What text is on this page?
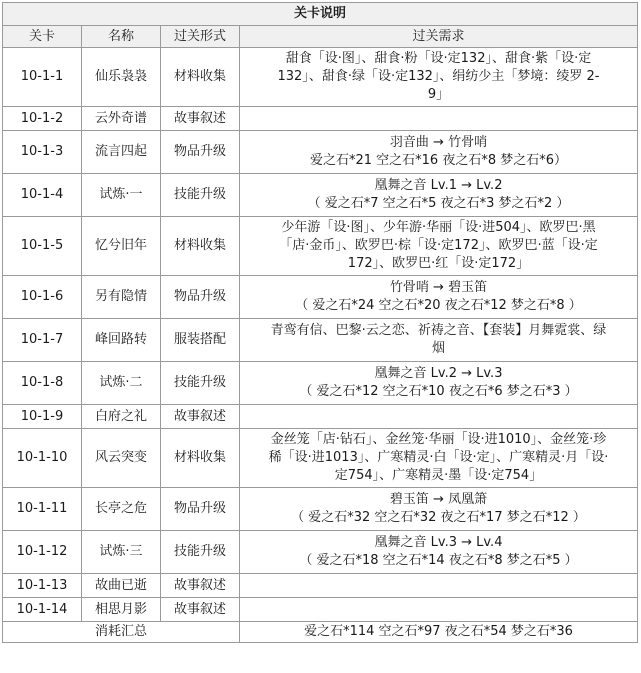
关卡说明			
关卡	名称	过关形式	过关需求
10-1-1	仙乐袅袅	材料收集	甜食「设·图」、甜食·粉「设·定132」、甜食·紫「设·定
132」、甜食·绿「设·定132」、绢纺少主「梦境：绫罗 2-
9」

10-1-2	云外奇谱	故事叙述	
10-1-3	流言四起	物品升级	羽音曲 → 竹骨哨
爱之石*21 空之石*16 夜之石*8 梦之石*6）

10-1-4	试炼·一	技能升级	凰舞之音 Lv.1 → Lv.2
（ 爱之石*7 空之石*5 夜之石*3 梦之石*2 ）

10-1-5	忆兮旧年	材料收集	少年游「设·图」、少年游·华丽「设·进504」、欧罗巴·黑
「店·金币」、欧罗巴·棕「设·定172」、欧罗巴·蓝「设·定
172」、欧罗巴·红「设·定172」

10-1-6	另有隐情	物品升级	竹骨哨 → 碧玉笛
（ 爱之石*24 空之石*20 夜之石*12 梦之石*8 ）

10-1-7	峰回路转	服装搭配	青鸾有信、巴黎·云之恋、祈祷之音、【套装】月舞霓裳、绿
烟

10-1-8	试炼·二	技能升级	凰舞之音 Lv.2 → Lv.3
（ 爱之石*12 空之石*10 夜之石*6 梦之石*3 ）

10-1-9	白府之礼	故事叙述	
10-1-10	风云突变	材料收集	金丝笼「店·钻石」、金丝笼·华丽「设·进1010」、金丝笼·珍
稀「设·进1013」、广寒精灵·白「设·定」、广寒精灵·月「设·
定754」、广寒精灵·墨「设·定754」

10-1-11	长亭之危	物品升级	碧玉笛 → 凤凰箫
（ 爱之石*32 空之石*32 夜之石*17 梦之石*12 ）

10-1-12	试炼·三	技能升级	凰舞之音 Lv.3 → Lv.4
（ 爱之石*18 空之石*14 夜之石*8 梦之石*5 ）

10-1-13	故曲已逝	故事叙述	
10-1-14	相思月影	故事叙述	
消耗汇总			爱之石*114 空之石*97 夜之石*54 梦之石*36
